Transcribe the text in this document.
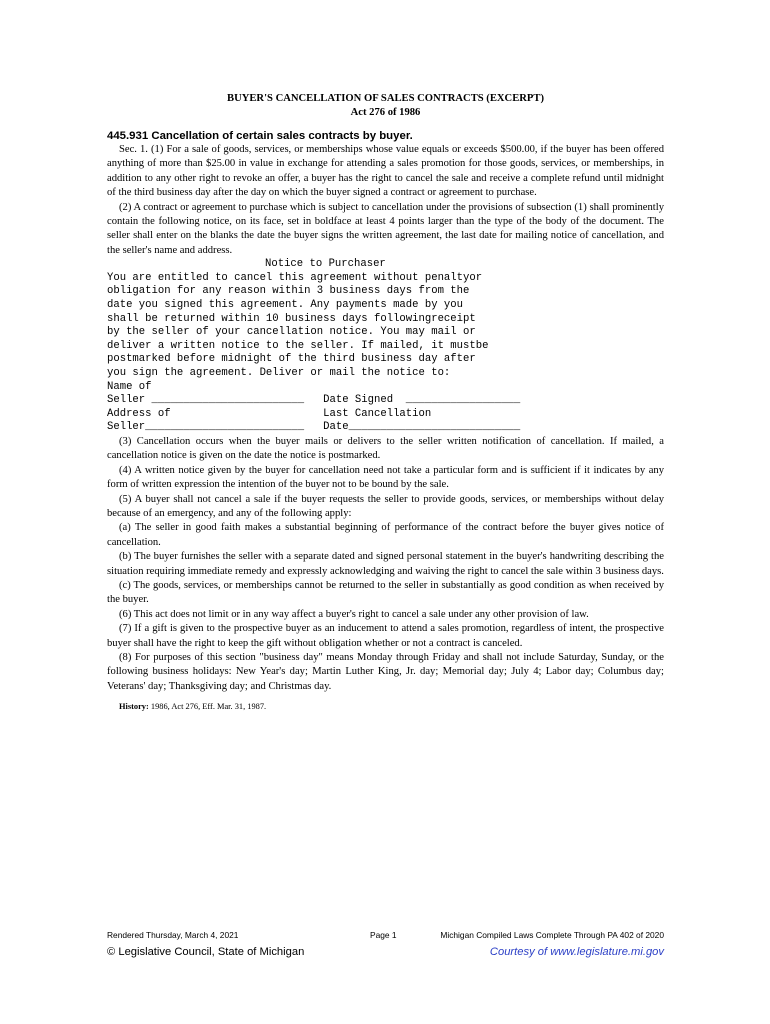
BUYER'S CANCELLATION OF SALES CONTRACTS (EXCERPT)
Act 276 of 1986
445.931 Cancellation of certain sales contracts by buyer.

Sec. 1. (1) For a sale of goods, services, or memberships whose value equals or exceeds $500.00, if the buyer has been offered anything of more than $25.00 in value in exchange for attending a sales promotion for those goods, services, or memberships, in addition to any other right to revoke an offer, a buyer has the right to cancel the sale and receive a complete refund until midnight of the third business day after the day on which the buyer signed a contract or agreement to purchase.

(2) A contract or agreement to purchase which is subject to cancellation under the provisions of subsection (1) shall prominently contain the following notice, on its face, set in boldface at least 4 points larger than the type of the body of the document. The seller shall enter on the blanks the date the buyer signs the written agreement, the last date for mailing notice of cancellation, and the seller's name and address.

Notice to Purchaser
You are entitled to cancel this agreement without penaltyor
obligation for any reason within 3 business days from the
date you signed this agreement. Any payments made by you
shall be returned within 10 business days followingreceipt
by the seller of your cancellation notice. You may mail or
deliver a written notice to the seller. If mailed, it mustbe
postmarked before midnight of the third business day after
you sign the agreement. Deliver or mail the notice to:
Name of
Seller ________________________   Date Signed  __________________
Address of                        Last Cancellation
Seller_________________________   Date___________________________

(3) Cancellation occurs when the buyer mails or delivers to the seller written notification of cancellation. If mailed, a cancellation notice is given on the date the notice is postmarked.

(4) A written notice given by the buyer for cancellation need not take a particular form and is sufficient if it indicates by any form of written expression the intention of the buyer not to be bound by the sale.

(5) A buyer shall not cancel a sale if the buyer requests the seller to provide goods, services, or memberships without delay because of an emergency, and any of the following apply:

(a) The seller in good faith makes a substantial beginning of performance of the contract before the buyer gives notice of cancellation.

(b) The buyer furnishes the seller with a separate dated and signed personal statement in the buyer's handwriting describing the situation requiring immediate remedy and expressly acknowledging and waiving the right to cancel the sale within 3 business days.

(c) The goods, services, or memberships cannot be returned to the seller in substantially as good condition as when received by the buyer.

(6) This act does not limit or in any way affect a buyer's right to cancel a sale under any other provision of law.

(7) If a gift is given to the prospective buyer as an inducement to attend a sales promotion, regardless of intent, the prospective buyer shall have the right to keep the gift without obligation whether or not a contract is canceled.

(8) For purposes of this section "business day" means Monday through Friday and shall not include Saturday, Sunday, or the following business holidays: New Year's day; Martin Luther King, Jr. day; Memorial day; July 4; Labor day; Columbus day; Veterans' day; Thanksgiving day; and Christmas day.

History: 1986, Act 276, Eff. Mar. 31, 1987.
Rendered Thursday, March 4, 2021	Page 1	Michigan Compiled Laws Complete Through PA 402 of 2020
© Legislative Council, State of Michigan	Courtesy of www.legislature.mi.gov
